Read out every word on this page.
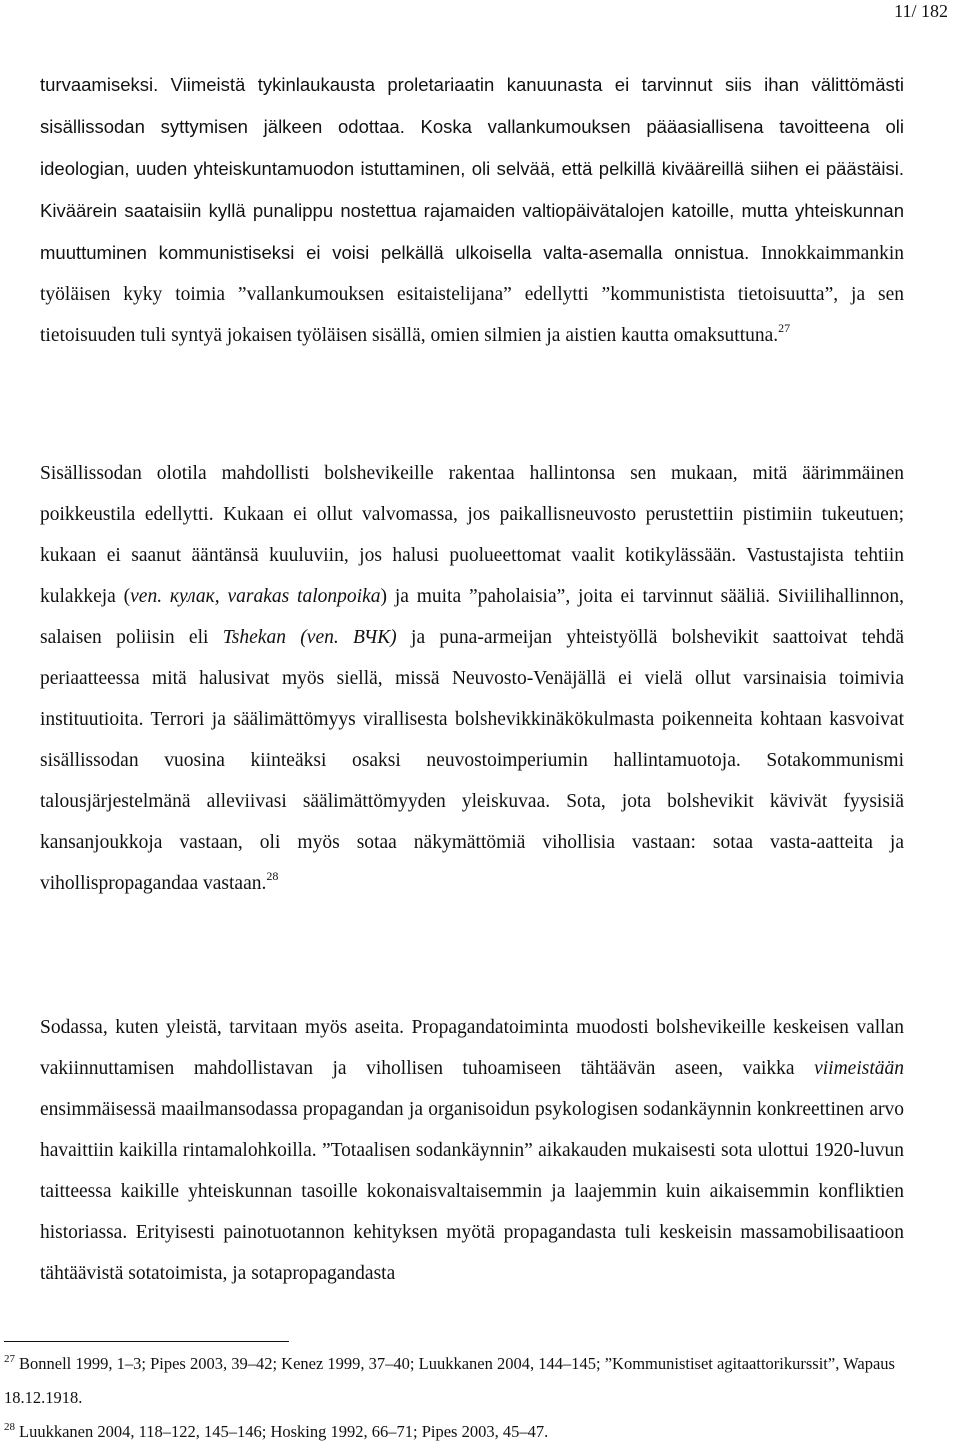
11/ 182

turvaamiseksi. Viimeistä tykinlaukausta proletariaatin kanuunasta ei tarvinnut siis ihan välittömästi sisällissodan syttymisen jälkeen odottaa. Koska vallankumouksen pääasiallisena tavoitteena oli ideologian, uuden yhteiskuntamuodon istuttaminen, oli selvää, että pelkillä kivääreillä siihen ei päästäisi. Kiväärein saataisiin kyllä punalippu nostettua rajamaiden valtiopäivätalojen katoille, mutta yhteiskunnan muuttuminen kommunistiseksi ei voisi pelkällä ulkoisella valta-asemalla onnistua. Innokkaimmankin työläisen kyky toimia ”vallankumouksen esitaistelijana” edellytti ”kommunistista tietoisuutta”, ja sen tietoisuuden tuli syntyä jokaisen työläisen sisällä, omien silmien ja aistien kautta omaksuttuna.$^{27}$

Sisällissodan olotila mahdollisti bolshevikeille rakentaa hallintonsa sen mukaan, mitä äärimmäinen poikkeustila edellytti. Kukaan ei ollut valvomassa, jos paikallisneuvosto perustettiin pistimiin tukeutuen; kukaan ei saanut ääntänsä kuuluviin, jos halusi puolueettomat vaalit kotikylässään. Vastustajista tehtiin kulakkeja (ven. кулак, varakas talonpoika) ja muita ”paholaisia”, joita ei tarvinnut sääliä. Siviilihallinnon, salaisen poliisin eli Tshekan (ven. ВЧК) ja puna-armeijan yhteistyöllä bolshevikit saattoivat tehdä periaatteessa mitä halusivat myös siellä, missä Neuvosto-Venäjällä ei vielä ollut varsinaisia toimivia instituutioita. Terrori ja säälimättömyys virallisesta bolshevikkinäkökulmasta poikenneita kohtaan kasvoivat sisällissodan vuosina kiinteäksi osaksi neuvostoimperiumin hallintamuotoja. Sotakommunismi talousjärjestelmänä alleviivasi säälimättömyyden yleiskuvaa. Sota, jota bolshevikit kävivät fyysisiä kansanjoukkoja vastaan, oli myös sotaa näkymättömiä vihollisia vastaan: sotaa vasta-aatteita ja vihollispropagandaa vastaan.$^{28}$

Sodassa, kuten yleistä, tarvitaan myös aseita. Propagandatoiminta muodosti bolshevikeille keskeisen vallan vakiinnuttamisen mahdollistavan ja vihollisen tuhoamiseen tähtäävän aseen, vaikka viimeistään ensimmäisessä maailmansodassa propagandan ja organisoidun psykologisen sodankäynnin konkreettinen arvo havaittiin kaikilla rintamalohkoilla. ”Totaalisen sodankäynnin” aikakauden mukaisesti sota ulottui 1920-luvun taitteessa kaikille yhteiskunnan tasoille kokonaisvaltaisemmin ja laajemmin kuin aikaisemmin konfliktien historiassa. Erityisesti painotuotannon kehityksen myötä propagandasta tuli keskeisin massamobilisaatioon tähtäävistä sotatoimista, ja sotapropagandasta

$^{27}$ Bonnell 1999, 1–3; Pipes 2003, 39–42; Kenez 1999, 37–40; Luukkanen 2004, 144–145; ”Kommunistiset agitaattorikurssit”, Wapaus 18.12.1918.

$^{28}$ Luukkanen 2004, 118–122, 145–146; Hosking 1992, 66–71; Pipes 2003, 45–47.
